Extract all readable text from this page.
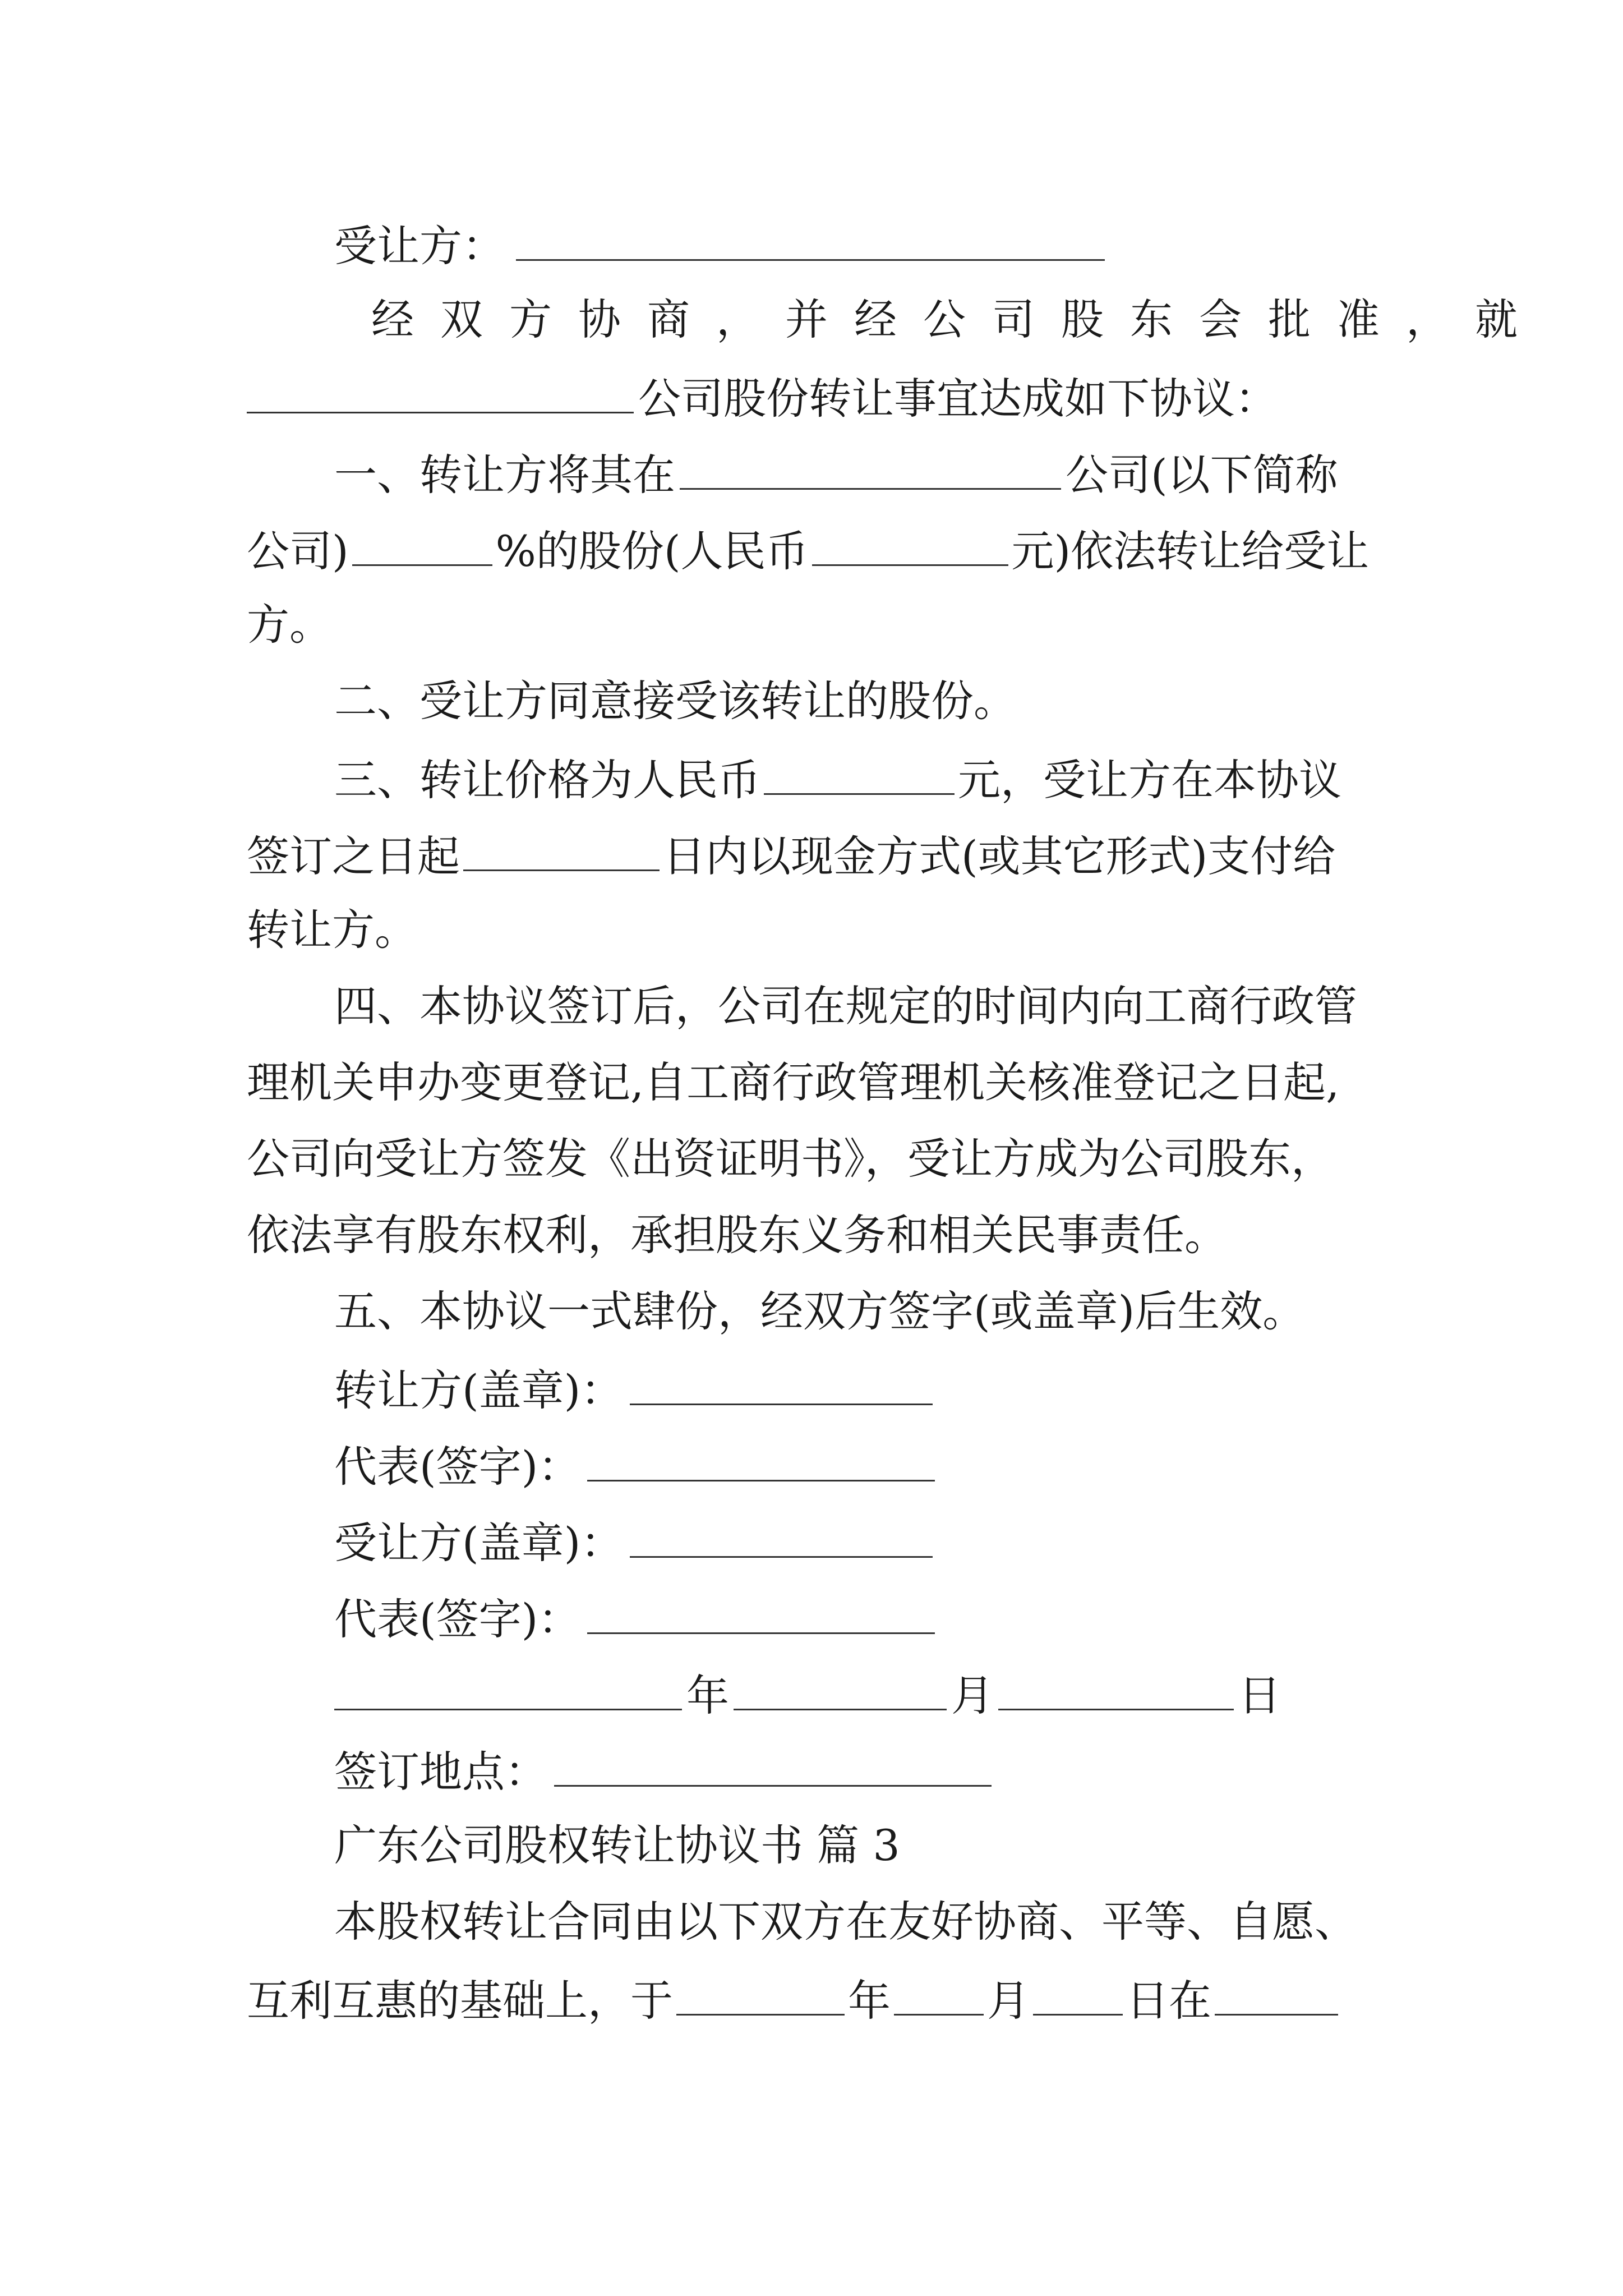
受让方：
经双方协商，并经公司股东会批准，就
公司股份转让事宜达成如下协议：
一、转让方将其在	公司(以下简称
公司)	%的股份(人民币	元)依法转让给受让
方。
二、受让方同意接受该转让的股份。
三、转让价格为人民币	元，受让方在本协议
签订之日起	日内以现金方式(或其它形式)支付给
转让方。
四、本协议签订后，公司在规定的时间内向工商行政管
理机关申办变更登记,自工商行政管理机关核准登记之日起,
公司向受让方签发《出资证明书》，受让方成为公司股东，
依法享有股东权利，承担股东义务和相关民事责任。
五、本协议一式肆份，经双方签字(或盖章)后生效。
转让方(盖章)：
代表(签字)：
受让方(盖章)：
代表(签字)：
年	月	日
签订地点：
广东公司股权转让协议书 篇 3
本股权转让合同由以下双方在友好协商、平等、自愿、
互利互惠的基础上，于	年 月 日在
